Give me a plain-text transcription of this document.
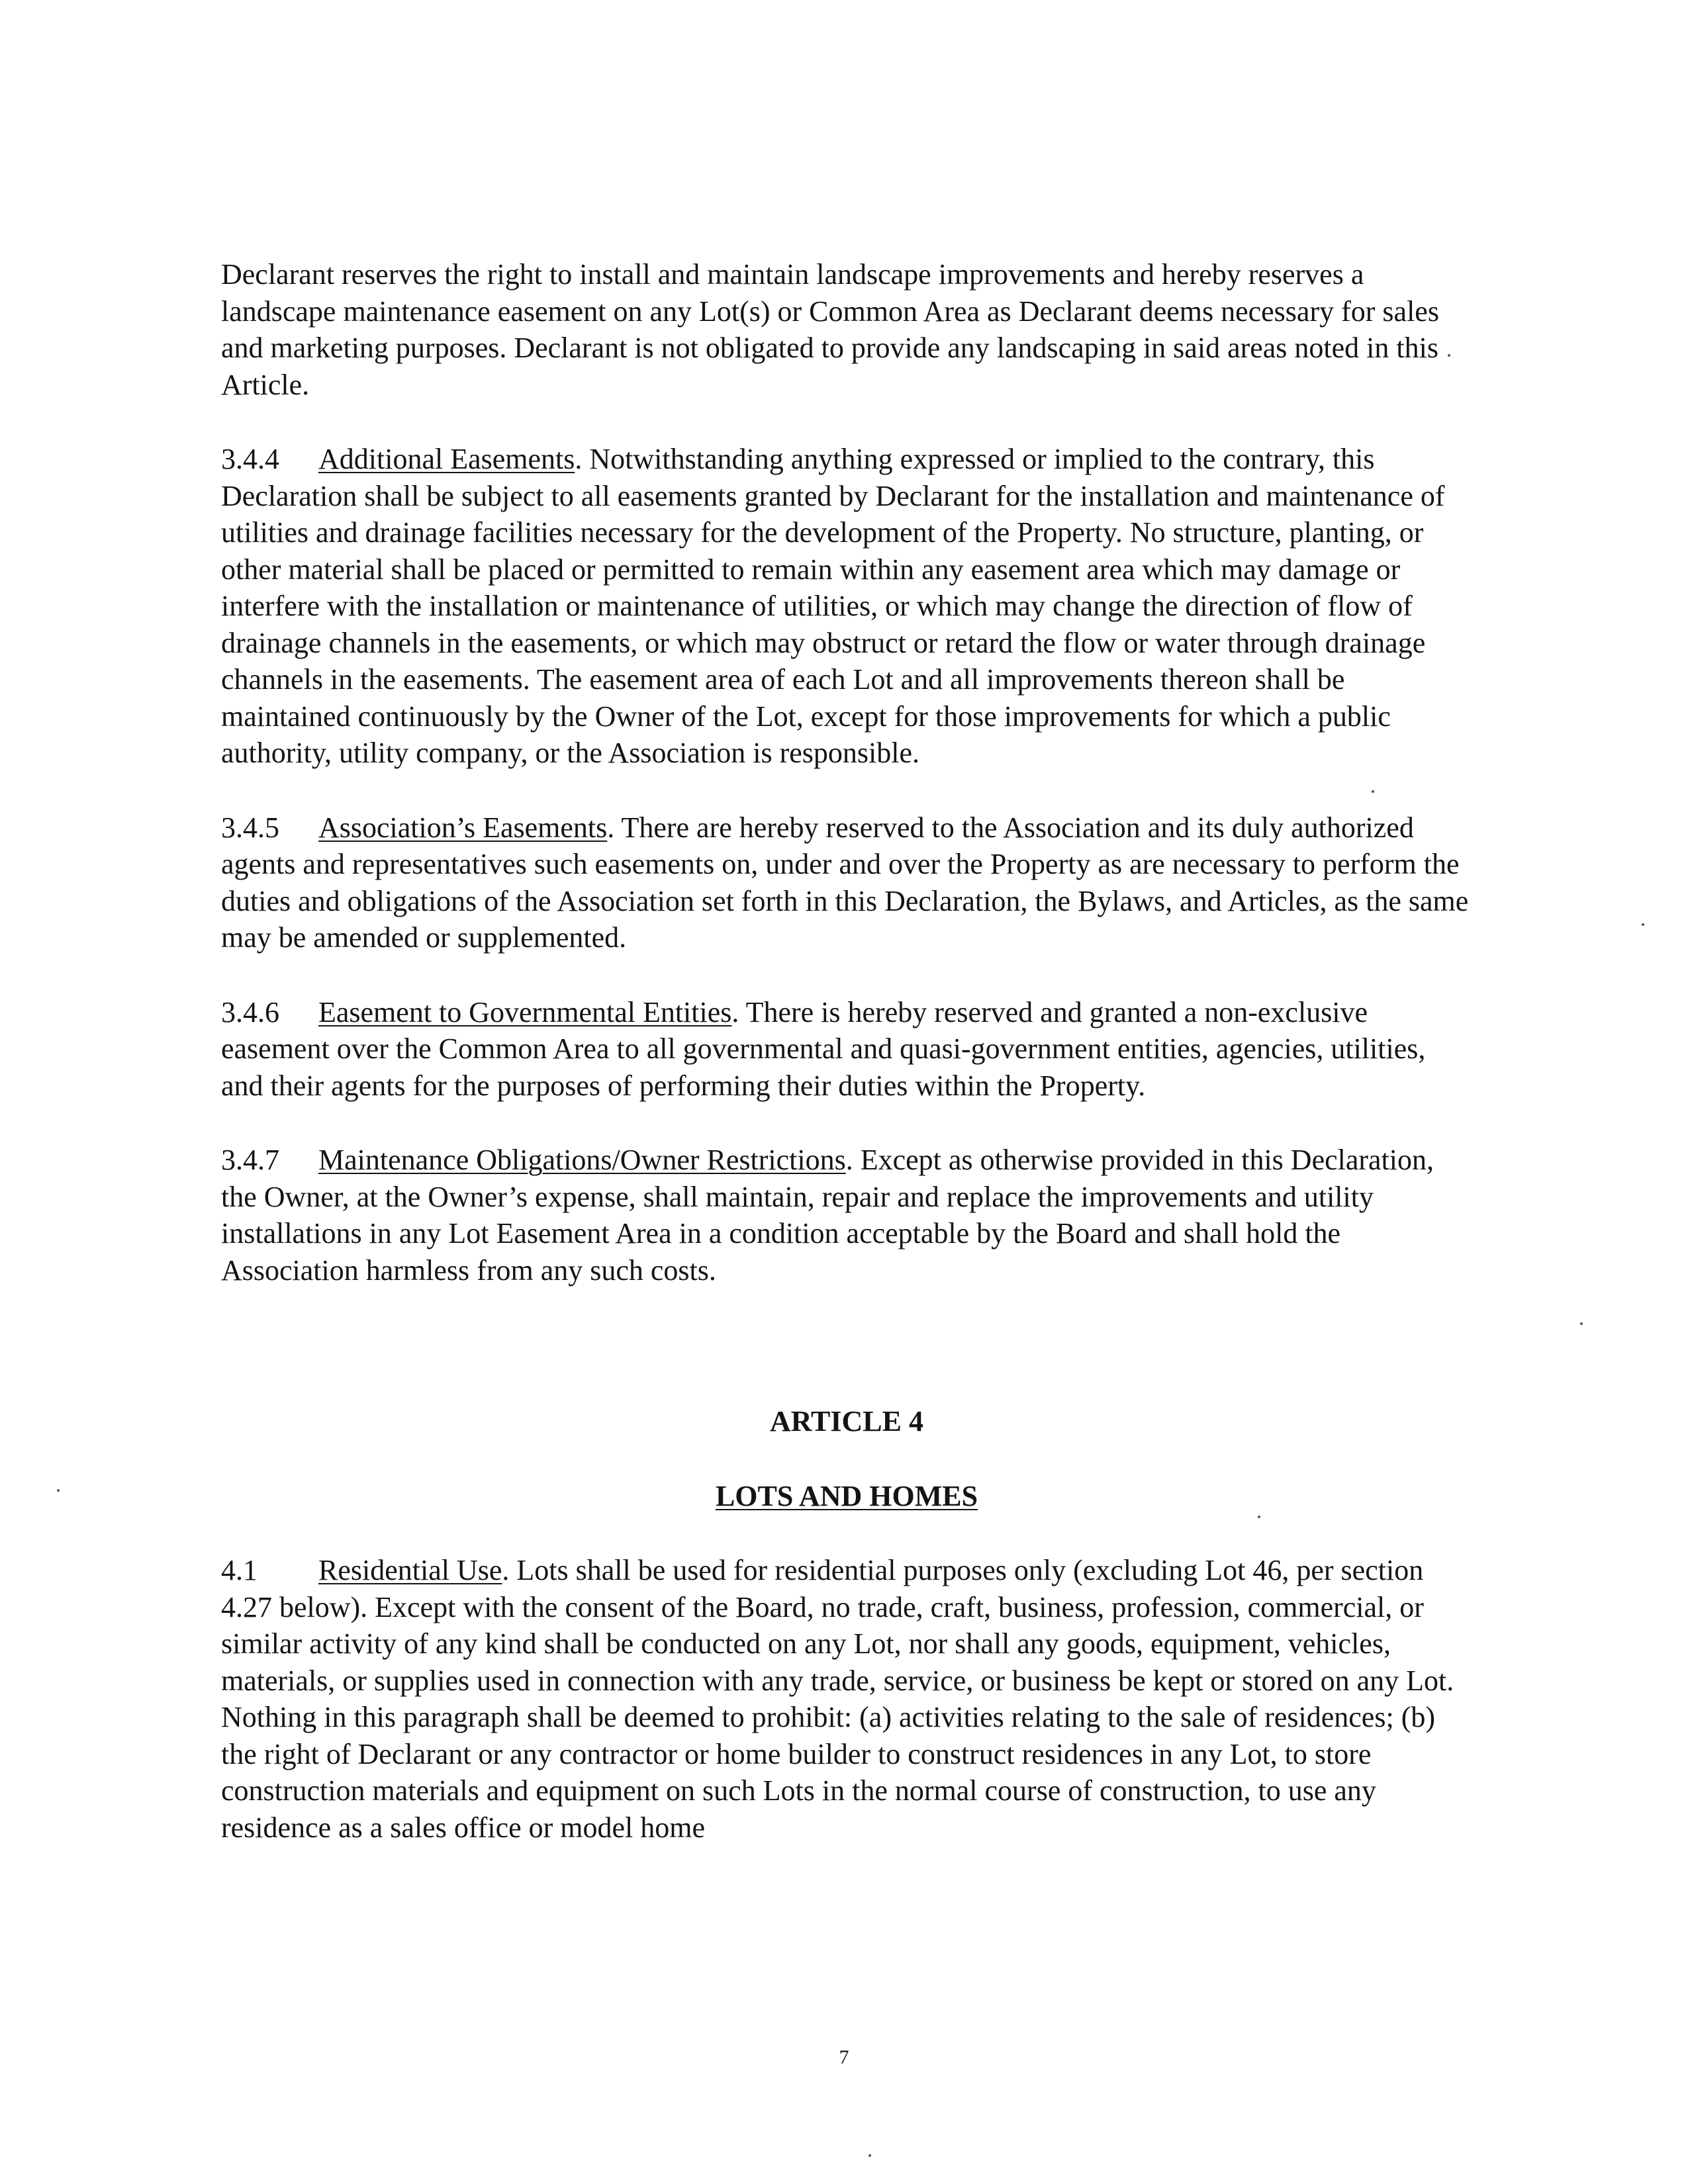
Declarant reserves the right to install and maintain landscape improvements and hereby reserves a landscape maintenance easement on any Lot(s) or Common Area as Declarant deems necessary for sales and marketing purposes. Declarant is not obligated to provide any landscaping in said areas noted in this Article.

3.4.4 Additional Easements. Notwithstanding anything expressed or implied to the contrary, this Declaration shall be subject to all easements granted by Declarant for the installation and maintenance of utilities and drainage facilities necessary for the development of the Property. No structure, planting, or other material shall be placed or permitted to remain within any easement area which may damage or interfere with the installation or maintenance of utilities, or which may change the direction of flow of drainage channels in the easements, or which may obstruct or retard the flow or water through drainage channels in the easements. The easement area of each Lot and all improvements thereon shall be maintained continuously by the Owner of the Lot, except for those improvements for which a public authority, utility company, or the Association is responsible.

3.4.5 Association’s Easements. There are hereby reserved to the Association and its duly authorized agents and representatives such easements on, under and over the Property as are necessary to perform the duties and obligations of the Association set forth in this Declaration, the Bylaws, and Articles, as the same may be amended or supplemented.

3.4.6 Easement to Governmental Entities. There is hereby reserved and granted a non-exclusive easement over the Common Area to all governmental and quasi-government entities, agencies, utilities, and their agents for the purposes of performing their duties within the Property.

3.4.7 Maintenance Obligations/Owner Restrictions. Except as otherwise provided in this Declaration, the Owner, at the Owner’s expense, shall maintain, repair and replace the improvements and utility installations in any Lot Easement Area in a condition acceptable by the Board and shall hold the Association harmless from any such costs.

ARTICLE 4

LOTS AND HOMES

4.1 Residential Use. Lots shall be used for residential purposes only (excluding Lot 46, per section 4.27 below). Except with the consent of the Board, no trade, craft, business, profession, commercial, or similar activity of any kind shall be conducted on any Lot, nor shall any goods, equipment, vehicles, materials, or supplies used in connection with any trade, service, or business be kept or stored on any Lot. Nothing in this paragraph shall be deemed to prohibit: (a) activities relating to the sale of residences; (b) the right of Declarant or any contractor or home builder to construct residences in any Lot, to store construction materials and equipment on such Lots in the normal course of construction, to use any residence as a sales office or model home

7
